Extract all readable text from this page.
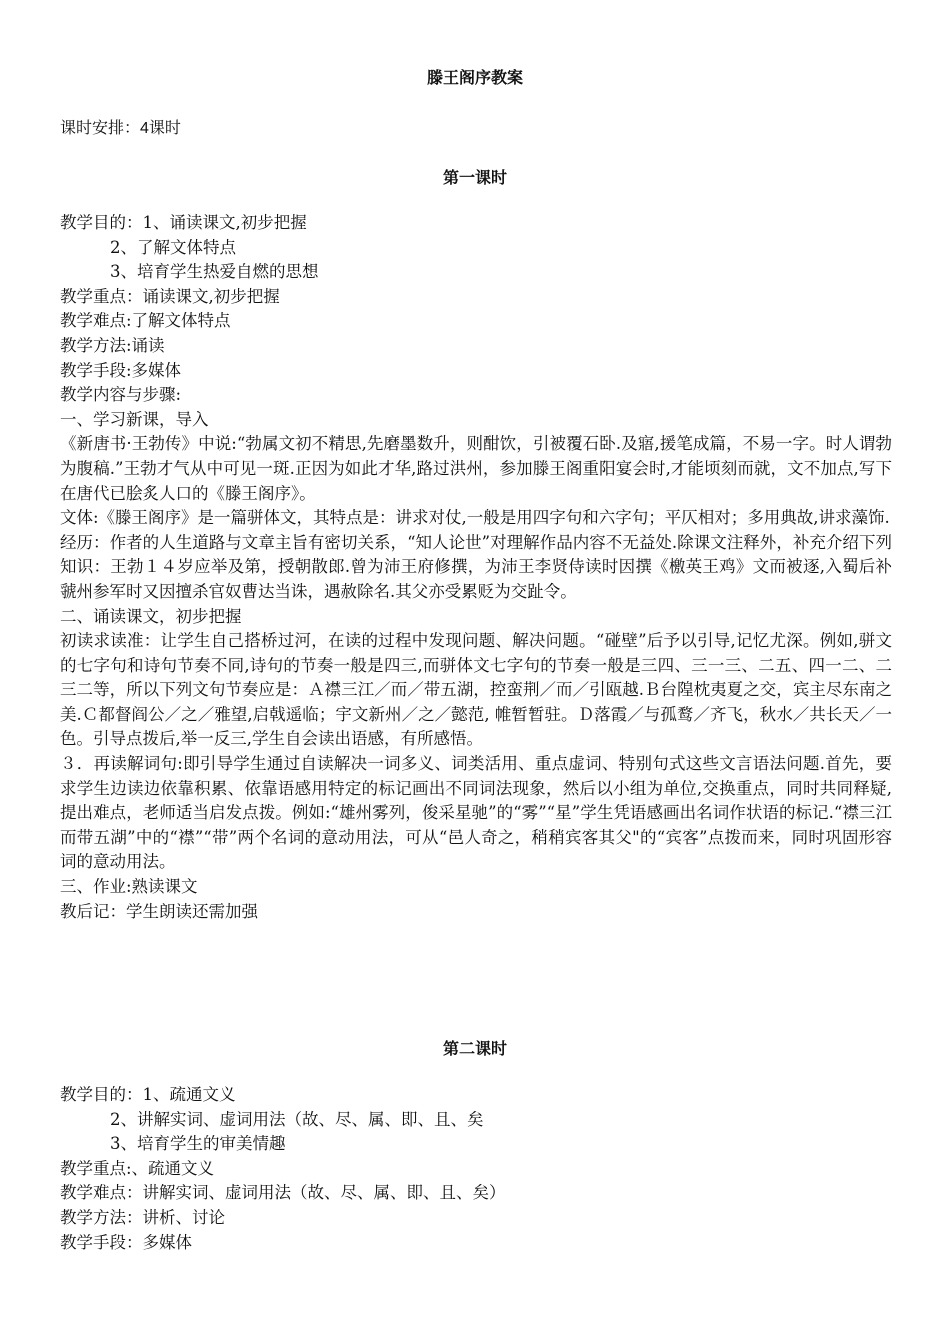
滕王阁序教案
课时安排：4课时
第一课时

教学目的：1、诵读课文,初步把握

2、了解文体特点

3、培育学生热爱自燃的思想

教学重点：诵读课文,初步把握

教学难点:了解文体特点

教学方法:诵读

教学手段:多媒体

教学内容与步骤:

一、学习新课，导入

《新唐书·王勃传》中说:“勃属文初不精思,先磨墨数升，则酣饮，引被覆石卧.及寤,援笔成篇，不易一字。时人谓勃为腹稿.”王勃才气从中可见一斑.正因为如此才华,路过洪州，参加滕王阁重阳宴会时,才能顷刻而就，文不加点,写下在唐代已脍炙人口的《滕王阁序》。

文体:《滕王阁序》是一篇骈体文，其特点是：讲求对仗,一般是用四字句和六字句；平仄相对；多用典故,讲求藻饰.

经历：作者的人生道路与文章主旨有密切关系，“知人论世”对理解作品内容不无益处.除课文注释外，补充介绍下列知识：王勃１４岁应举及第，授朝散郎.曾为沛王府修撰，为沛王李贤侍读时因撰《檄英王鸡》文而被逐,入蜀后补虢州参军时又因擅杀官奴曹达当诛，遇赦除名.其父亦受累贬为交趾令。

二、诵读课文，初步把握

初读求读准：让学生自己搭桥过河，在读的过程中发现问题、解决问题。“碰壁”后予以引导,记忆尤深。例如,骈文的七字句和诗句节奏不同,诗句的节奏一般是四三,而骈体文七字句的节奏一般是三四、三一三、二五、四一二、二三二等，所以下列文句节奏应是：Ａ襟三江／而／带五湖，控蛮荆／而／引瓯越.Ｂ台隍枕夷夏之交，宾主尽东南之美.Ｃ都督阎公／之／雅望,启戟遥临；宇文新州／之／懿范, 帷暂暂驻。Ｄ落霞／与孤鹜／齐飞，秋水／共长天／一色。引导点拨后,举一反三,学生自会读出语感，有所感悟。

３．再读解词句:即引导学生通过自读解决一词多义、词类活用、重点虚词、特别句式这些文言语法问题.首先，要求学生边读边依靠积累、依靠语感用特定的标记画出不同词法现象，然后以小组为单位,交换重点，同时共同释疑,提出难点，老师适当启发点拨。例如:“雄州雾列，俊采星驰”的“雾”“星”学生凭语感画出名词作状语的标记.“襟三江而带五湖”中的“襟”“带”两个名词的意动用法，可从“邑人奇之，稍稍宾客其父"的“宾客”点拨而来，同时巩固形容词的意动用法。

三、作业:熟读课文

教后记：学生朗读还需加强

第二课时

教学目的：1、疏通文义

2、讲解实词、虚词用法（故、尽、属、即、且、矣

3、培育学生的审美情趣

教学重点:、疏通文义

教学难点：讲解实词、虚词用法（故、尽、属、即、且、矣）

教学方法：讲析、讨论

教学手段：多媒体
